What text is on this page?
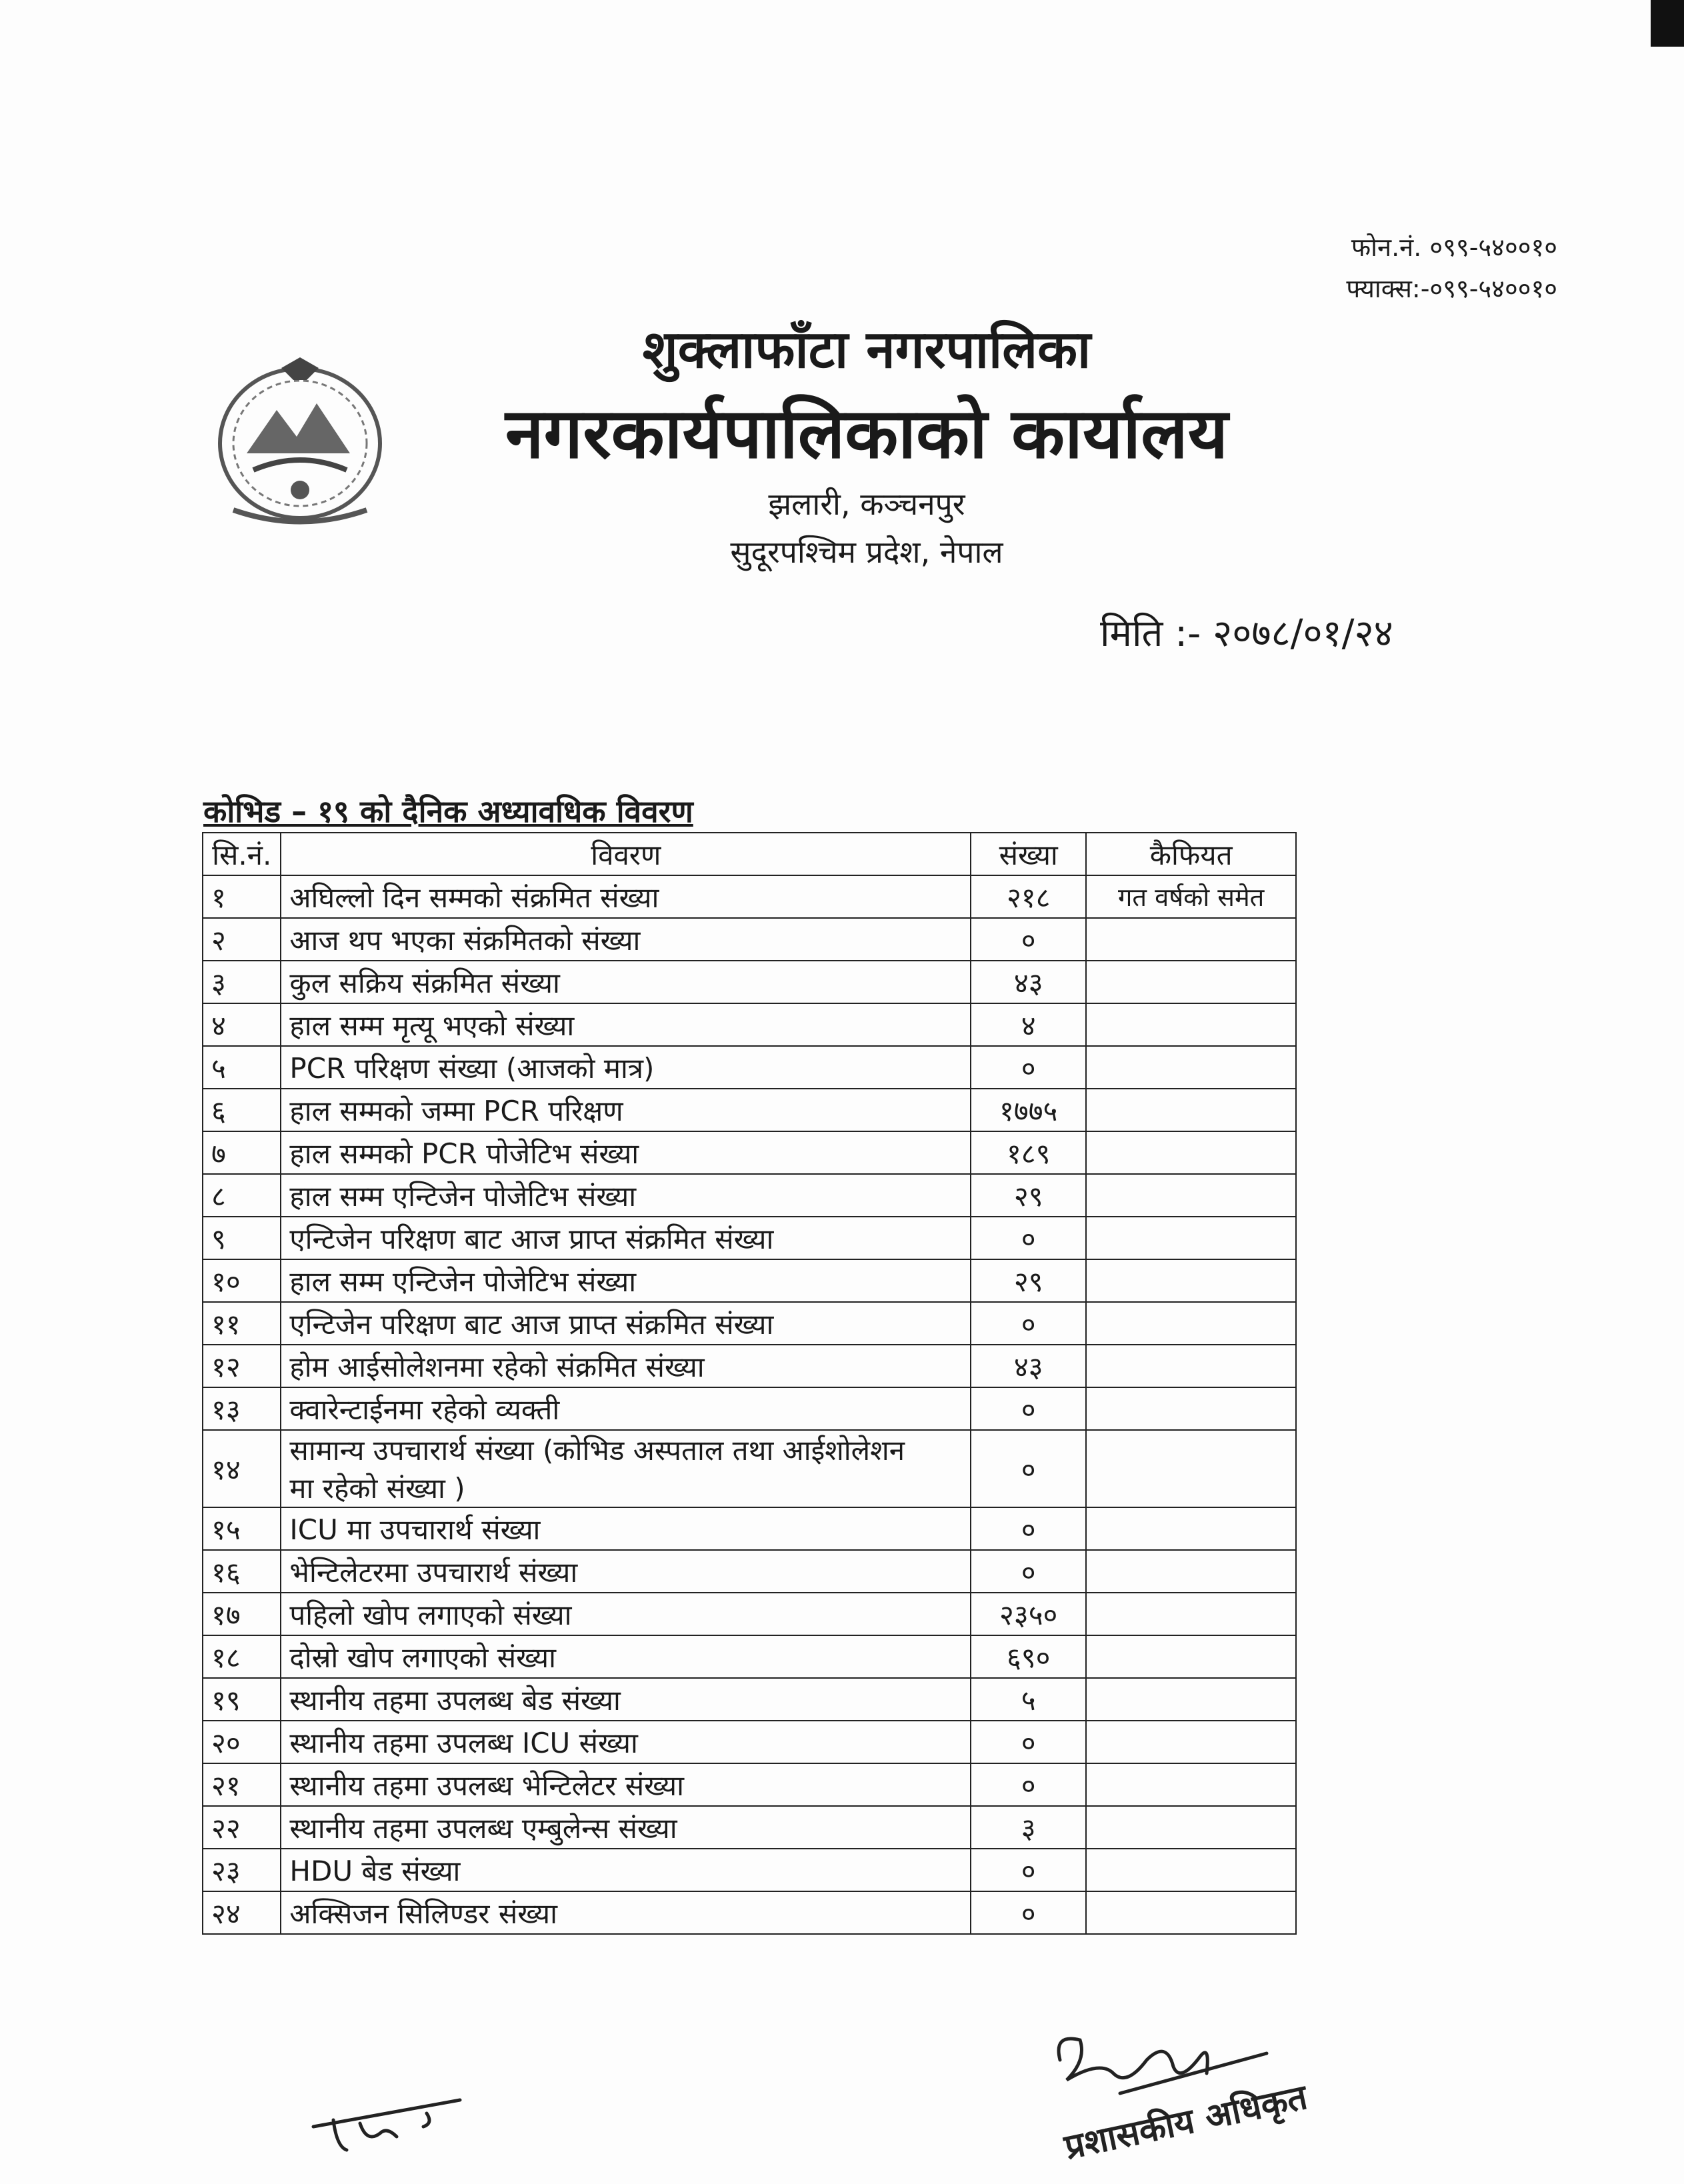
फोन.नं. ०९९-५४००१०
फ्याक्स:-०९९-५४००१०
शुक्लाफाँटा नगरपालिका
नगरकार्यपालिकाको कार्यालय
झलारी, कञ्चनपुर
सुदूरपश्चिम प्रदेश, नेपाल
मिति :- २०७८/०१/२४
कोभिड – १९ को दैनिक अध्यावधिक विवरण
सि.नं.	विवरण	संख्या	कैफियत
१	अघिल्लो दिन सम्मको संक्रमित संख्या	२१८	गत वर्षको समेत
२	आज थप भएका संक्रमितको संख्या	०	
३	कुल सक्रिय संक्रमित संख्या	४३	
४	हाल सम्म मृत्यू भएको संख्या	४	
५	PCR परिक्षण संख्या (आजको मात्र)	०	
६	हाल सम्मको जम्मा PCR परिक्षण	१७७५	
७	हाल सम्मको PCR पोजेटिभ संख्या	१८९	
८	हाल सम्म एन्टिजेन पोजेटिभ संख्या	२९	
९	एन्टिजेन परिक्षण बाट आज प्राप्त संक्रमित संख्या	०	
१०	हाल सम्म एन्टिजेन पोजेटिभ संख्या	२९	
११	एन्टिजेन परिक्षण बाट आज प्राप्त संक्रमित संख्या	०	
१२	होम आईसोलेशनमा रहेको संक्रमित संख्या	४३	
१३	क्वारेन्टाईनमा रहेको व्यक्ती	०	
१४	सामान्य उपचारार्थ संख्या (कोभिड अस्पताल तथा आईशोलेशन
मा रहेको संख्या )	०	
१५	ICU मा उपचारार्थ संख्या	०	
१६	भेन्टिलेटरमा उपचारार्थ संख्या	०	
१७	पहिलो खोप लगाएको संख्या	२३५०	
१८	दोस्रो खोप लगाएको संख्या	६९०	
१९	स्थानीय तहमा उपलब्ध बेड संख्या	५	
२०	स्थानीय तहमा उपलब्ध ICU संख्या	०	
२१	स्थानीय तहमा उपलब्ध भेन्टिलेटर संख्या	०	
२२	स्थानीय तहमा उपलब्ध एम्बुलेन्स संख्या	३	
२३	HDU बेड संख्या	०	
२४	अक्सिजन सिलिण्डर संख्या	०	
प्रशासकीय अधिकृत
